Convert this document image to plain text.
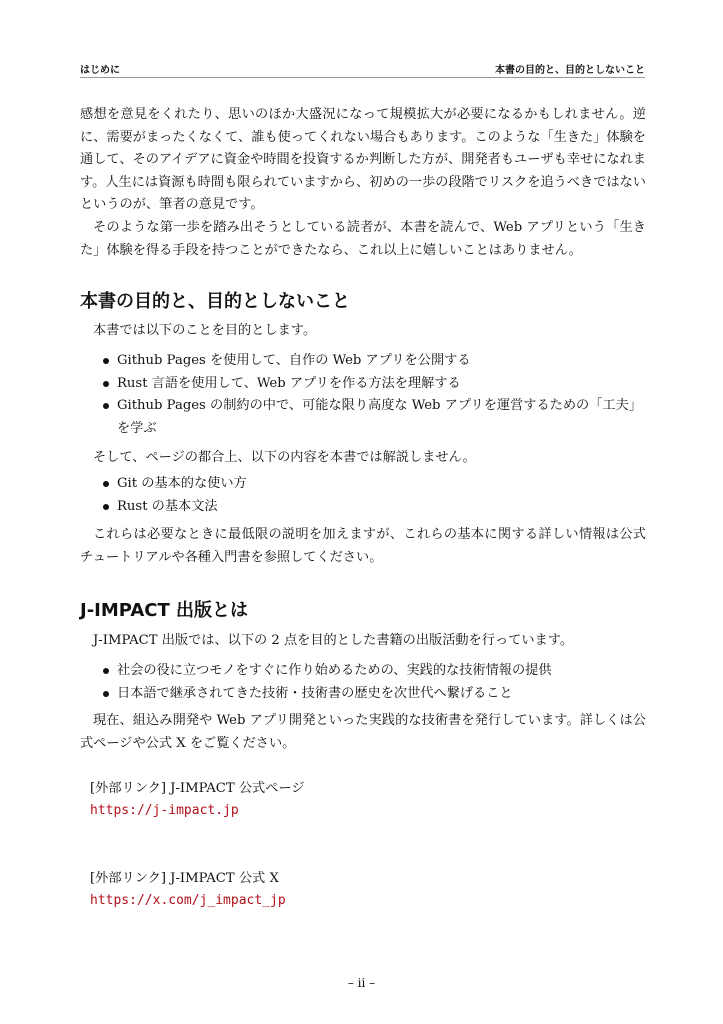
はじめに	本書の目的と、目的としないこと
感想を意見をくれたり、思いのほか大盛況になって規模拡大が必要になるかもしれません。逆に、需要がまったくなくて、誰も使ってくれない場合もあります。このような「生きた」体験を通して、そのアイデアに資金や時間を投資するか判断した方が、開発者もユーザも幸せになれます。人生には資源も時間も限られていますから、初めの一歩の段階でリスクを追うべきではないというのが、筆者の意見です。
そのような第一歩を踏み出そうとしている読者が、本書を読んで、Web アプリという「生きた」体験を得る手段を持つことができたなら、これ以上に嬉しいことはありません。
本書の目的と、目的としないこと
本書では以下のことを目的とします。
Github Pages を使用して、自作の Web アプリを公開する
Rust 言語を使用して、Web アプリを作る方法を理解する
Github Pages の制約の中で、可能な限り高度な Web アプリを運営するための「工夫」を学ぶ
そして、ページの都合上、以下の内容を本書では解説しません。
Git の基本的な使い方
Rust の基本文法
これらは必要なときに最低限の説明を加えますが、これらの基本に関する詳しい情報は公式チュートリアルや各種入門書を参照してください。
J-IMPACT 出版とは
J-IMPACT 出版では、以下の 2 点を目的とした書籍の出版活動を行っています。
社会の役に立つモノをすぐに作り始めるための、実践的な技術情報の提供
日本語で継承されてきた技術・技術書の歴史を次世代へ繋げること
現在、組込み開発や Web アプリ開発といった実践的な技術書を発行しています。詳しくは公式ページや公式 X をご覧ください。
[外部リンク] J-IMPACT 公式ページ
https://j-impact.jp
[外部リンク] J-IMPACT 公式 X
https://x.com/j_impact_jp
– ii –
